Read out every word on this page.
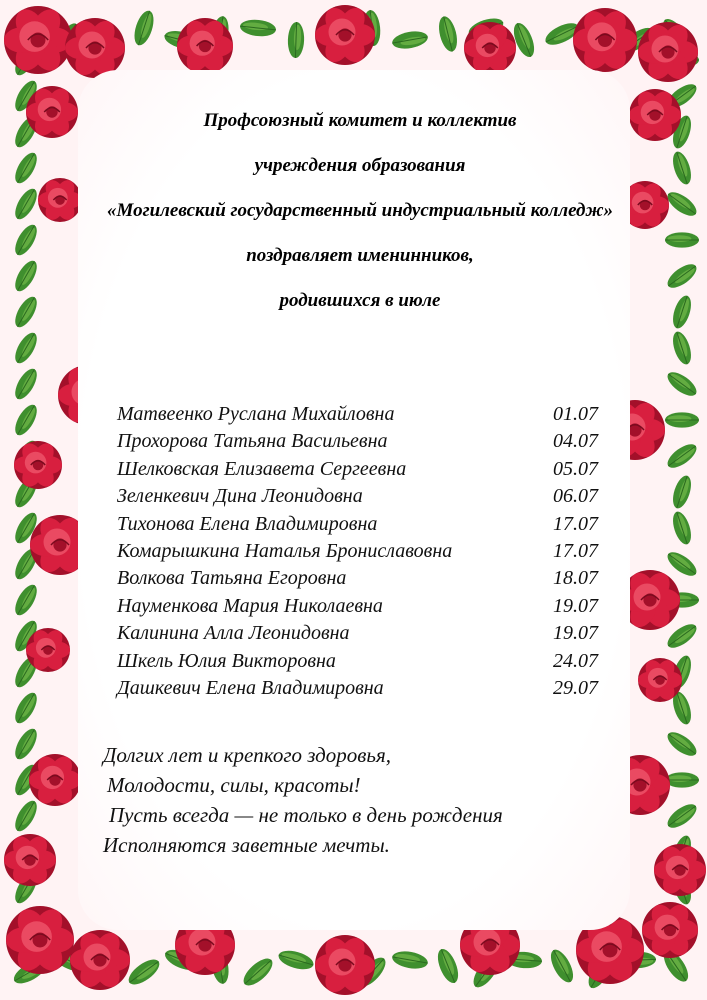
Профсоюзный комитет и коллектив
учреждения образования
«Могилевский государственный индустриальный колледж»
поздравляет именинников,
родившихся в июле
Матвеенко Руслана Михайловна	01.07
Прохорова Татьяна Васильевна	04.07
Шелковская Елизавета Сергеевна	05.07
Зеленкевич Дина Леонидовна	06.07
Тихонова Елена Владимировна	17.07
Комарышкина Наталья Брониславовна	17.07
Волкова Татьяна Егоровна	18.07
Науменкова Мария Николаевна	19.07
Калинина Алла Леонидовна	19.07
Шкель Юлия Викторовна	24.07
Дашкевич Елена Владимировна	29.07
Долгих лет и крепкого здоровья,
Молодости, силы, красоты!
Пусть всегда — не только в день рождения
Исполняются заветные мечты.
